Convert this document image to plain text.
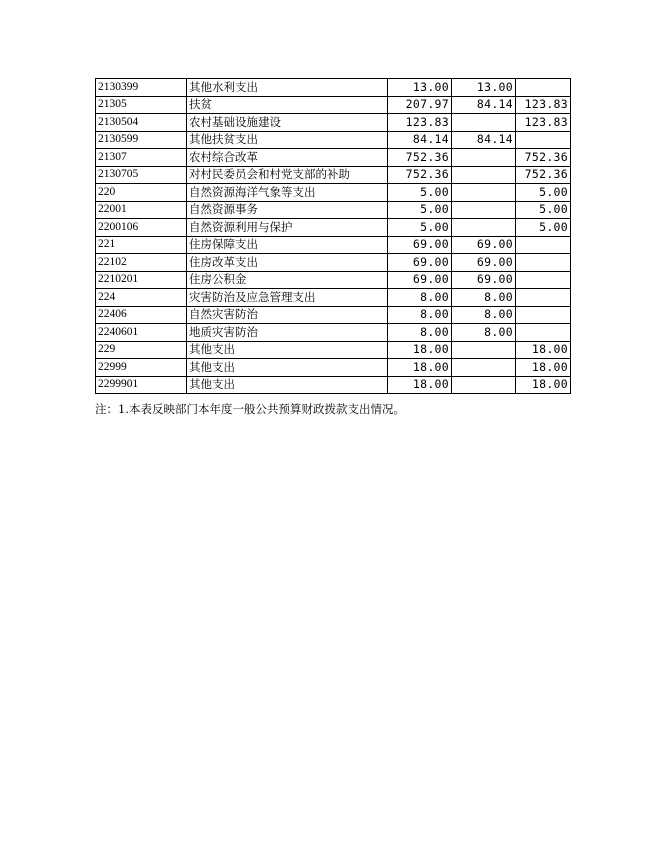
2130399	其他水利支出	13.00	13.00	
21305	扶贫	207.97	84.14	123.83
2130504	农村基础设施建设	123.83		123.83
2130599	其他扶贫支出	84.14	84.14	
21307	农村综合改革	752.36		752.36
2130705	对村民委员会和村党支部的补助	752.36		752.36
220	自然资源海洋气象等支出	5.00		5.00
22001	自然资源事务	5.00		5.00
2200106	自然资源利用与保护	5.00		5.00
221	住房保障支出	69.00	69.00	
22102	住房改革支出	69.00	69.00	
2210201	住房公积金	69.00	69.00	
224	灾害防治及应急管理支出	8.00	8.00	
22406	自然灾害防治	8.00	8.00	
2240601	地质灾害防治	8.00	8.00	
229	其他支出	18.00		18.00
22999	其他支出	18.00		18.00
2299901	其他支出	18.00		18.00
注：1.本表反映部门本年度一般公共预算财政拨款支出情况。
